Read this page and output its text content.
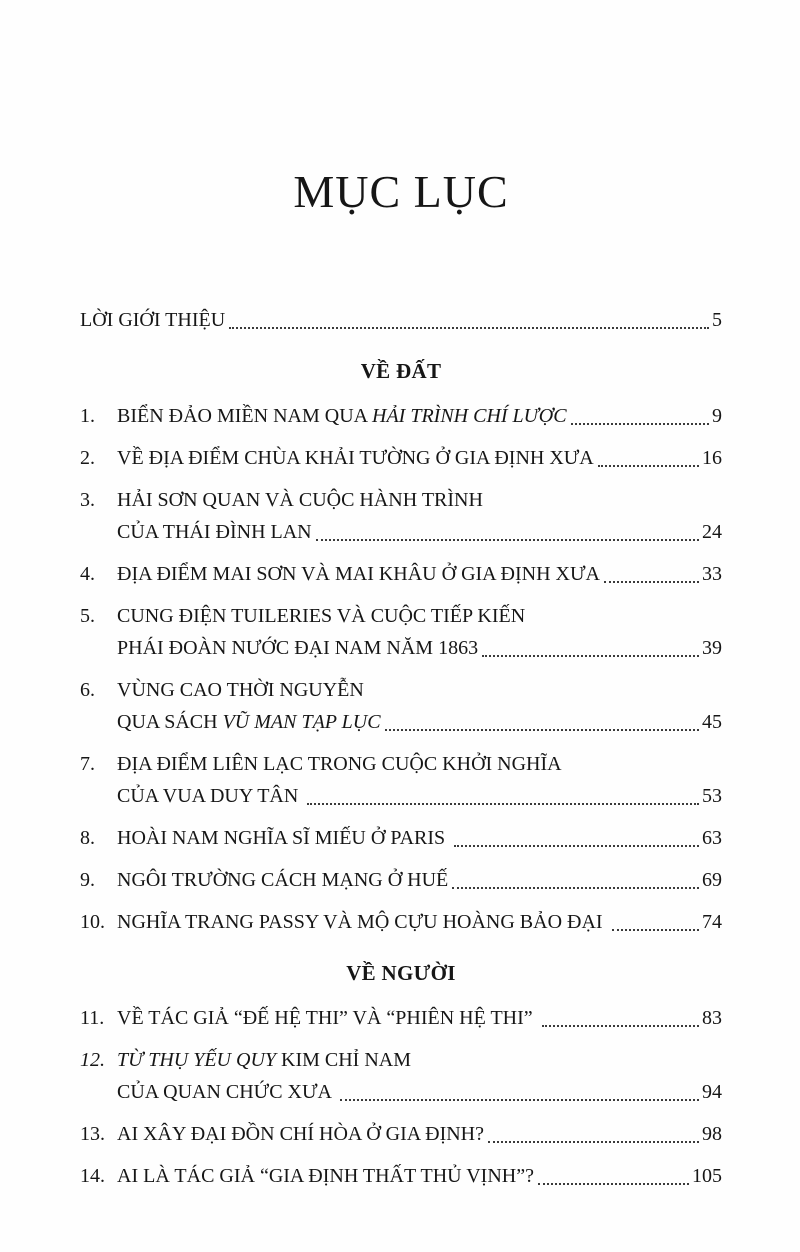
MỤC LỤC
LỜI GIỚI THIỆU	5
VỀ ĐẤT
1.	BIỂN ĐẢO MIỀN NAM QUA HẢI TRÌNH CHÍ LƯỢC	9
2.	VỀ ĐỊA ĐIỂM CHÙA KHẢI TƯỜNG Ở GIA ĐỊNH XƯA	16
3.	HẢI SƠN QUAN VÀ CUỘC HÀNH TRÌNH
CỦA THÁI ĐÌNH LAN	24
4.	ĐỊA ĐIỂM MAI SƠN VÀ MAI KHÂU Ở GIA ĐỊNH XƯA	33
5.	CUNG ĐIỆN TUILERIES VÀ CUỘC TIẾP KIẾN
PHÁI ĐOÀN NƯỚC ĐẠI NAM NĂM 1863	39
6.	VÙNG CAO THỜI NGUYỄN
QUA SÁCH VŨ MAN TẠP LỤC	45
7.	ĐỊA ĐIỂM LIÊN LẠC TRONG CUỘC KHỞI NGHĨA
CỦA VUA DUY TÂN	53
8.	HOÀI NAM NGHĨA SĨ MIẾU Ở PARIS	63
9.	NGÔI TRƯỜNG CÁCH MẠNG Ở HUẾ	69
10. NGHĨA TRANG PASSY VÀ MỘ CỰU HOÀNG BẢO ĐẠI	74
VỀ NGƯỜI
11. VỀ TÁC GIẢ “ĐẾ HỆ THI” VÀ “PHIÊN HỆ THI”	83
12. TỪ THỤ YẾU QUY KIM CHỈ NAM
CỦA QUAN CHỨC XƯA	94
13. AI XÂY ĐẠI ĐỒN CHÍ HÒA Ở GIA ĐỊNH?	98
14. AI LÀ TÁC GIẢ “GIA ĐỊNH THẤT THỦ VỊNH”?	105
